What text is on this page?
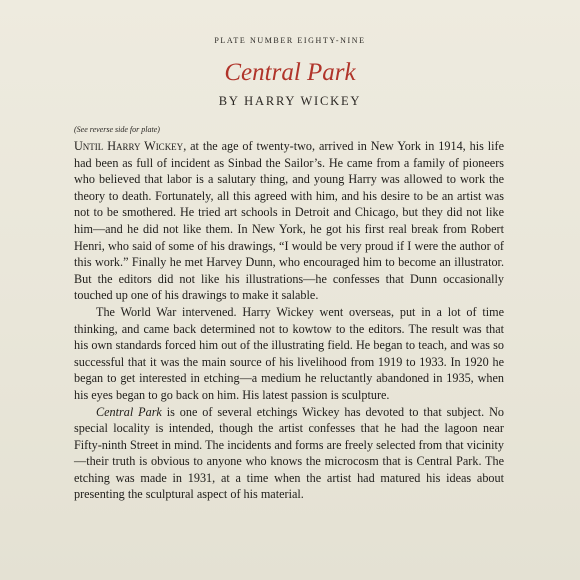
PLATE NUMBER EIGHTY-NINE
Central Park
BY HARRY WICKEY
(See reverse side for plate)

Until Harry Wickey, at the age of twenty-two, arrived in New York in 1914, his life had been as full of incident as Sinbad the Sailor’s. He came from a family of pioneers who believed that labor is a salutary thing, and young Harry was allowed to work the theory to death. Fortunately, all this agreed with him, and his desire to be an artist was not to be smothered. He tried art schools in Detroit and Chicago, but they did not like him—and he did not like them. In New York, he got his first real break from Robert Henri, who said of some of his drawings, “I would be very proud if I were the author of this work.” Finally he met Harvey Dunn, who encouraged him to become an illustrator. But the editors did not like his illustrations—he confesses that Dunn occasionally touched up one of his drawings to make it salable.

The World War intervened. Harry Wickey went overseas, put in a lot of time thinking, and came back determined not to kowtow to the editors. The result was that his own standards forced him out of the illustrating field. He began to teach, and was so successful that it was the main source of his livelihood from 1919 to 1933. In 1920 he began to get interested in etching—a medium he reluctantly abandoned in 1935, when his eyes began to go back on him. His latest passion is sculpture.

Central Park is one of several etchings Wickey has devoted to that subject. No special locality is intended, though the artist confesses that he had the lagoon near Fifty-ninth Street in mind. The incidents and forms are freely selected from that vicinity—their truth is obvious to anyone who knows the microcosm that is Central Park. The etching was made in 1931, at a time when the artist had matured his ideas about presenting the sculptural aspect of his material.
